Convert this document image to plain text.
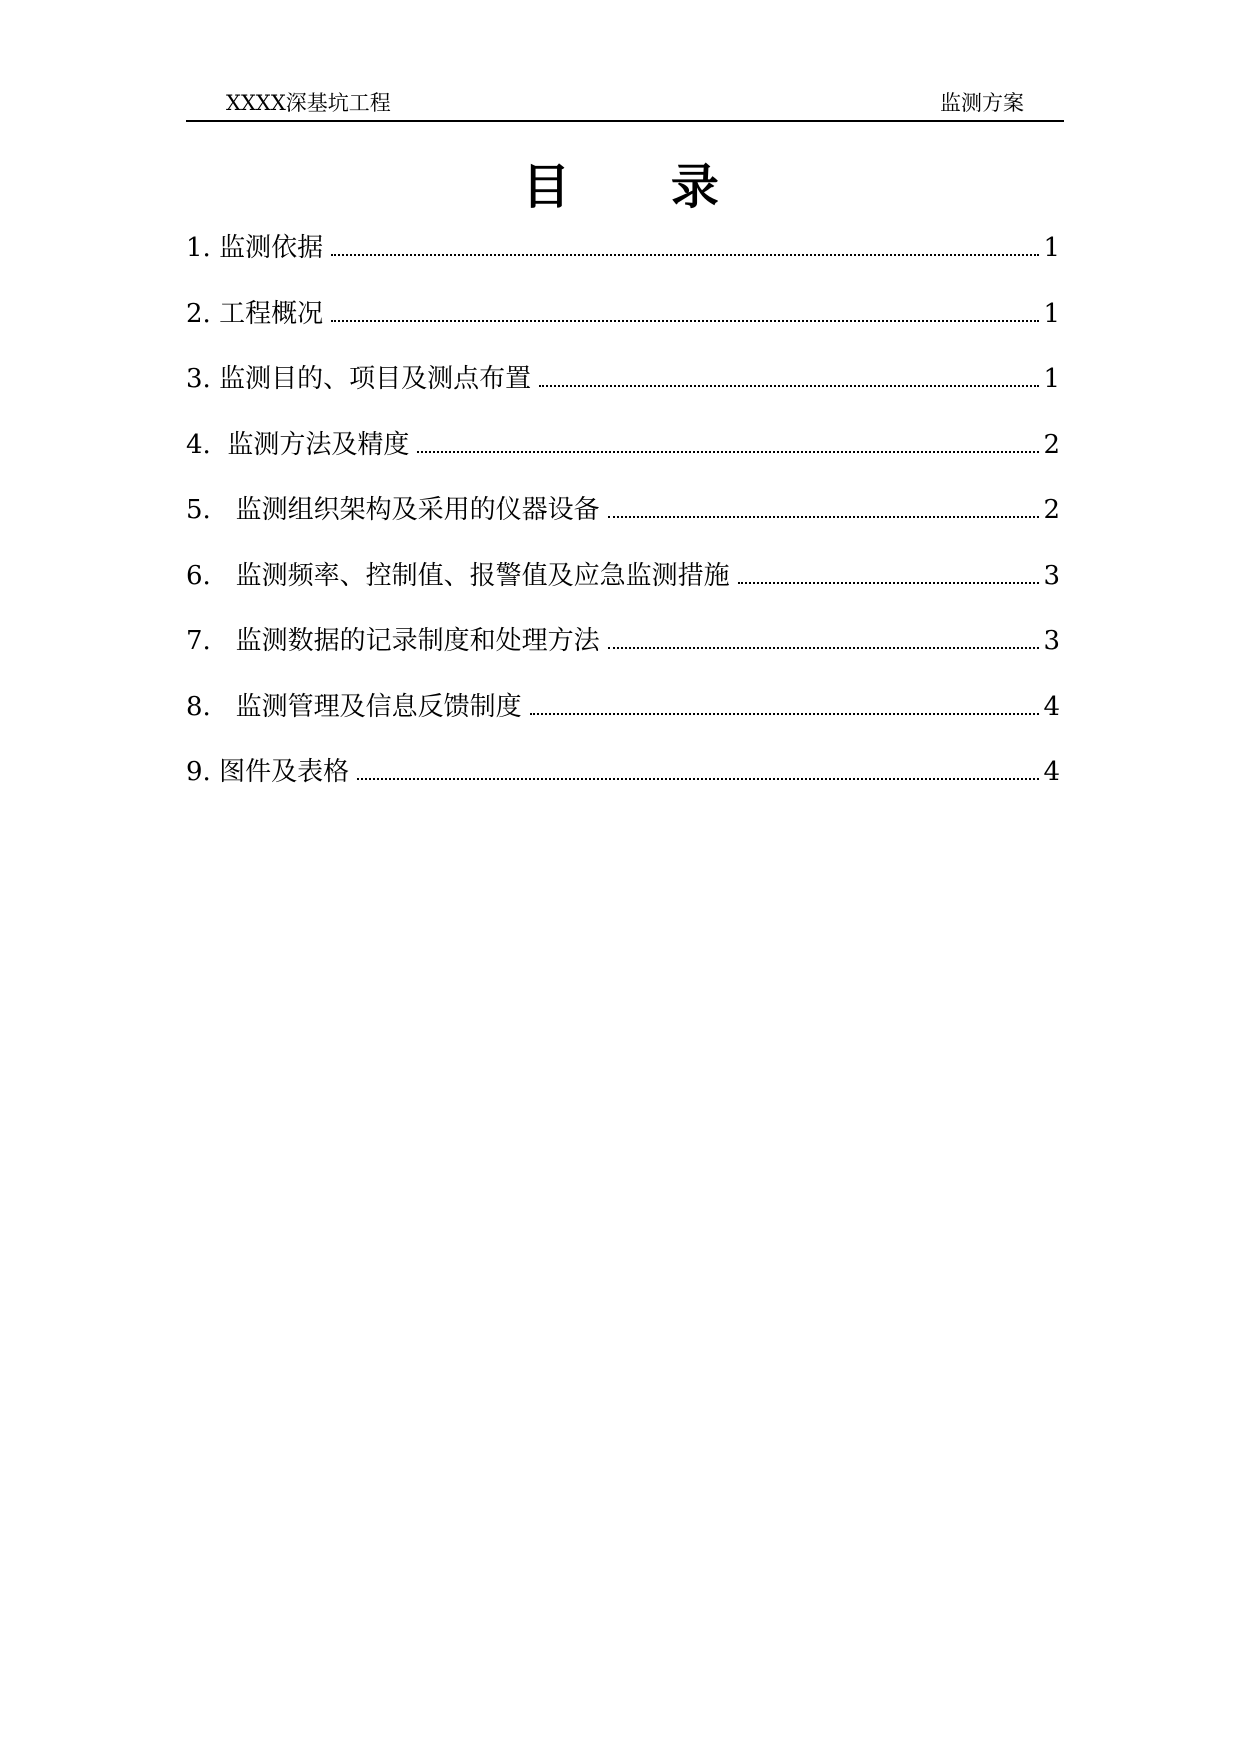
XXXX深基坑工程	监测方案
目 录
1. 监测依据	1
2. 工程概况	1
3. 监测目的、项目及测点布置	1
4.  监测方法及精度	2
5.   监测组织架构及采用的仪器设备	2
6.   监测频率、控制值、报警值及应急监测措施	3
7.   监测数据的记录制度和处理方法	3
8.   监测管理及信息反馈制度	4
9. 图件及表格	4
